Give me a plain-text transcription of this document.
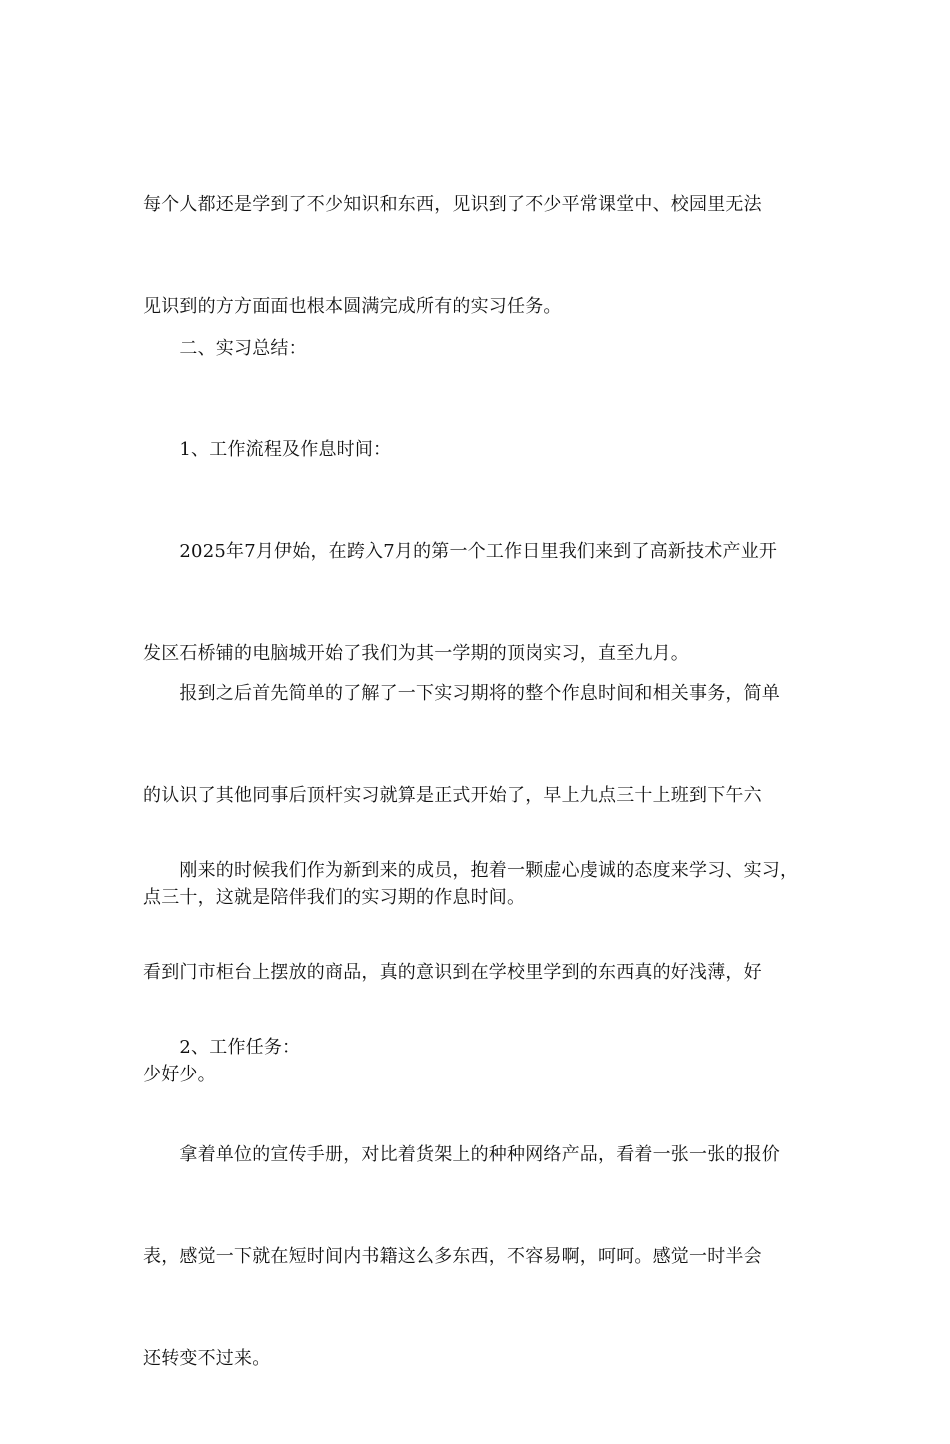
每个人都还是学到了不少知识和东西，见识到了不少平常课堂中、校园里无法

见识到的方方面面也根本圆满完成所有的实习任务。

　　二、实习总结：

　　1、工作流程及作息时间：

　　2025年7月伊始，在跨入7月的第一个工作日里我们来到了高新技术产业开

发区石桥铺的电脑城开始了我们为其一学期的顶岗实习，直至九月。

　　报到之后首先简单的了解了一下实习期将的整个作息时间和相关事务，简单

的认识了其他同事后顶杆实习就算是正式开始了，早上九点三十上班到下午六

点三十，这就是陪伴我们的实习期的作息时间。

　　刚来的时候我们作为新到来的成员，抱着一颗虚心虔诚的态度来学习、实习，

看到门市柜台上摆放的商品，真的意识到在学校里学到的东西真的好浅薄，好

少好少。

　　2、工作任务：

　　拿着单位的宣传手册，对比着货架上的种种网络产品，看着一张一张的报价

表，感觉一下就在短时间内书籍这么多东西，不容易啊，呵呵。感觉一时半会

还转变不过来。
